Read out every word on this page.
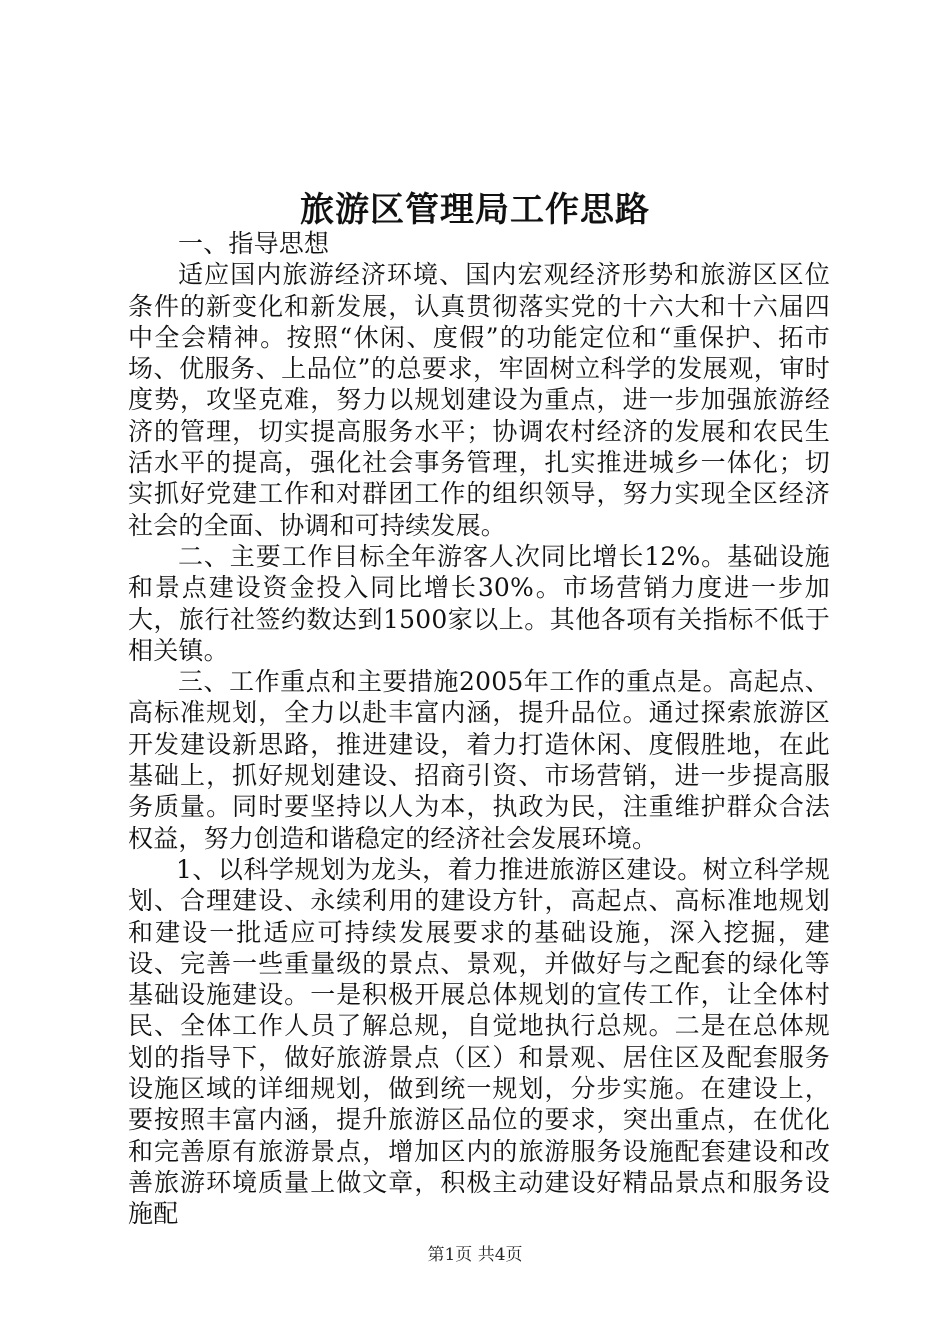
旅游区管理局工作思路

一、指导思想

适应国内旅游经济环境、国内宏观经济形势和旅游区区位条件的新变化和新发展，认真贯彻落实党的十六大和十六届四中全会精神。按照“休闲、度假”的功能定位和“重保护、拓市场、优服务、上品位”的总要求，牢固树立科学的发展观，审时度势，攻坚克难，努力以规划建设为重点，进一步加强旅游经济的管理，切实提高服务水平；协调农村经济的发展和农民生活水平的提高，强化社会事务管理，扎实推进城乡一体化；切实抓好党建工作和对群团工作的组织领导，努力实现全区经济社会的全面、协调和可持续发展。

二、主要工作目标全年游客人次同比增长12%。基础设施和景点建设资金投入同比增长30%。市场营销力度进一步加大，旅行社签约数达到1500家以上。其他各项有关指标不低于相关镇。

三、工作重点和主要措施2005年工作的重点是。高起点、高标准规划，全力以赴丰富内涵，提升品位。通过探索旅游区开发建设新思路，推进建设，着力打造休闲、度假胜地，在此基础上，抓好规划建设、招商引资、市场营销，进一步提高服务质量。同时要坚持以人为本，执政为民，注重维护群众合法权益，努力创造和谐稳定的经济社会发展环境。

1、以科学规划为龙头，着力推进旅游区建设。树立科学规划、合理建设、永续利用的建设方针，高起点、高标准地规划和建设一批适应可持续发展要求的基础设施，深入挖掘，建设、完善一些重量级的景点、景观，并做好与之配套的绿化等基础设施建设。一是积极开展总体规划的宣传工作，让全体村民、全体工作人员了解总规，自觉地执行总规。二是在总体规划的指导下，做好旅游景点（区）和景观、居住区及配套服务设施区域的详细规划，做到统一规划，分步实施。在建设上，要按照丰富内涵，提升旅游区品位的要求，突出重点，在优化和完善原有旅游景点，增加区内的旅游服务设施配套建设和改善旅游环境质量上做文章，积极主动建设好精品景点和服务设施配

第1页 共4页
